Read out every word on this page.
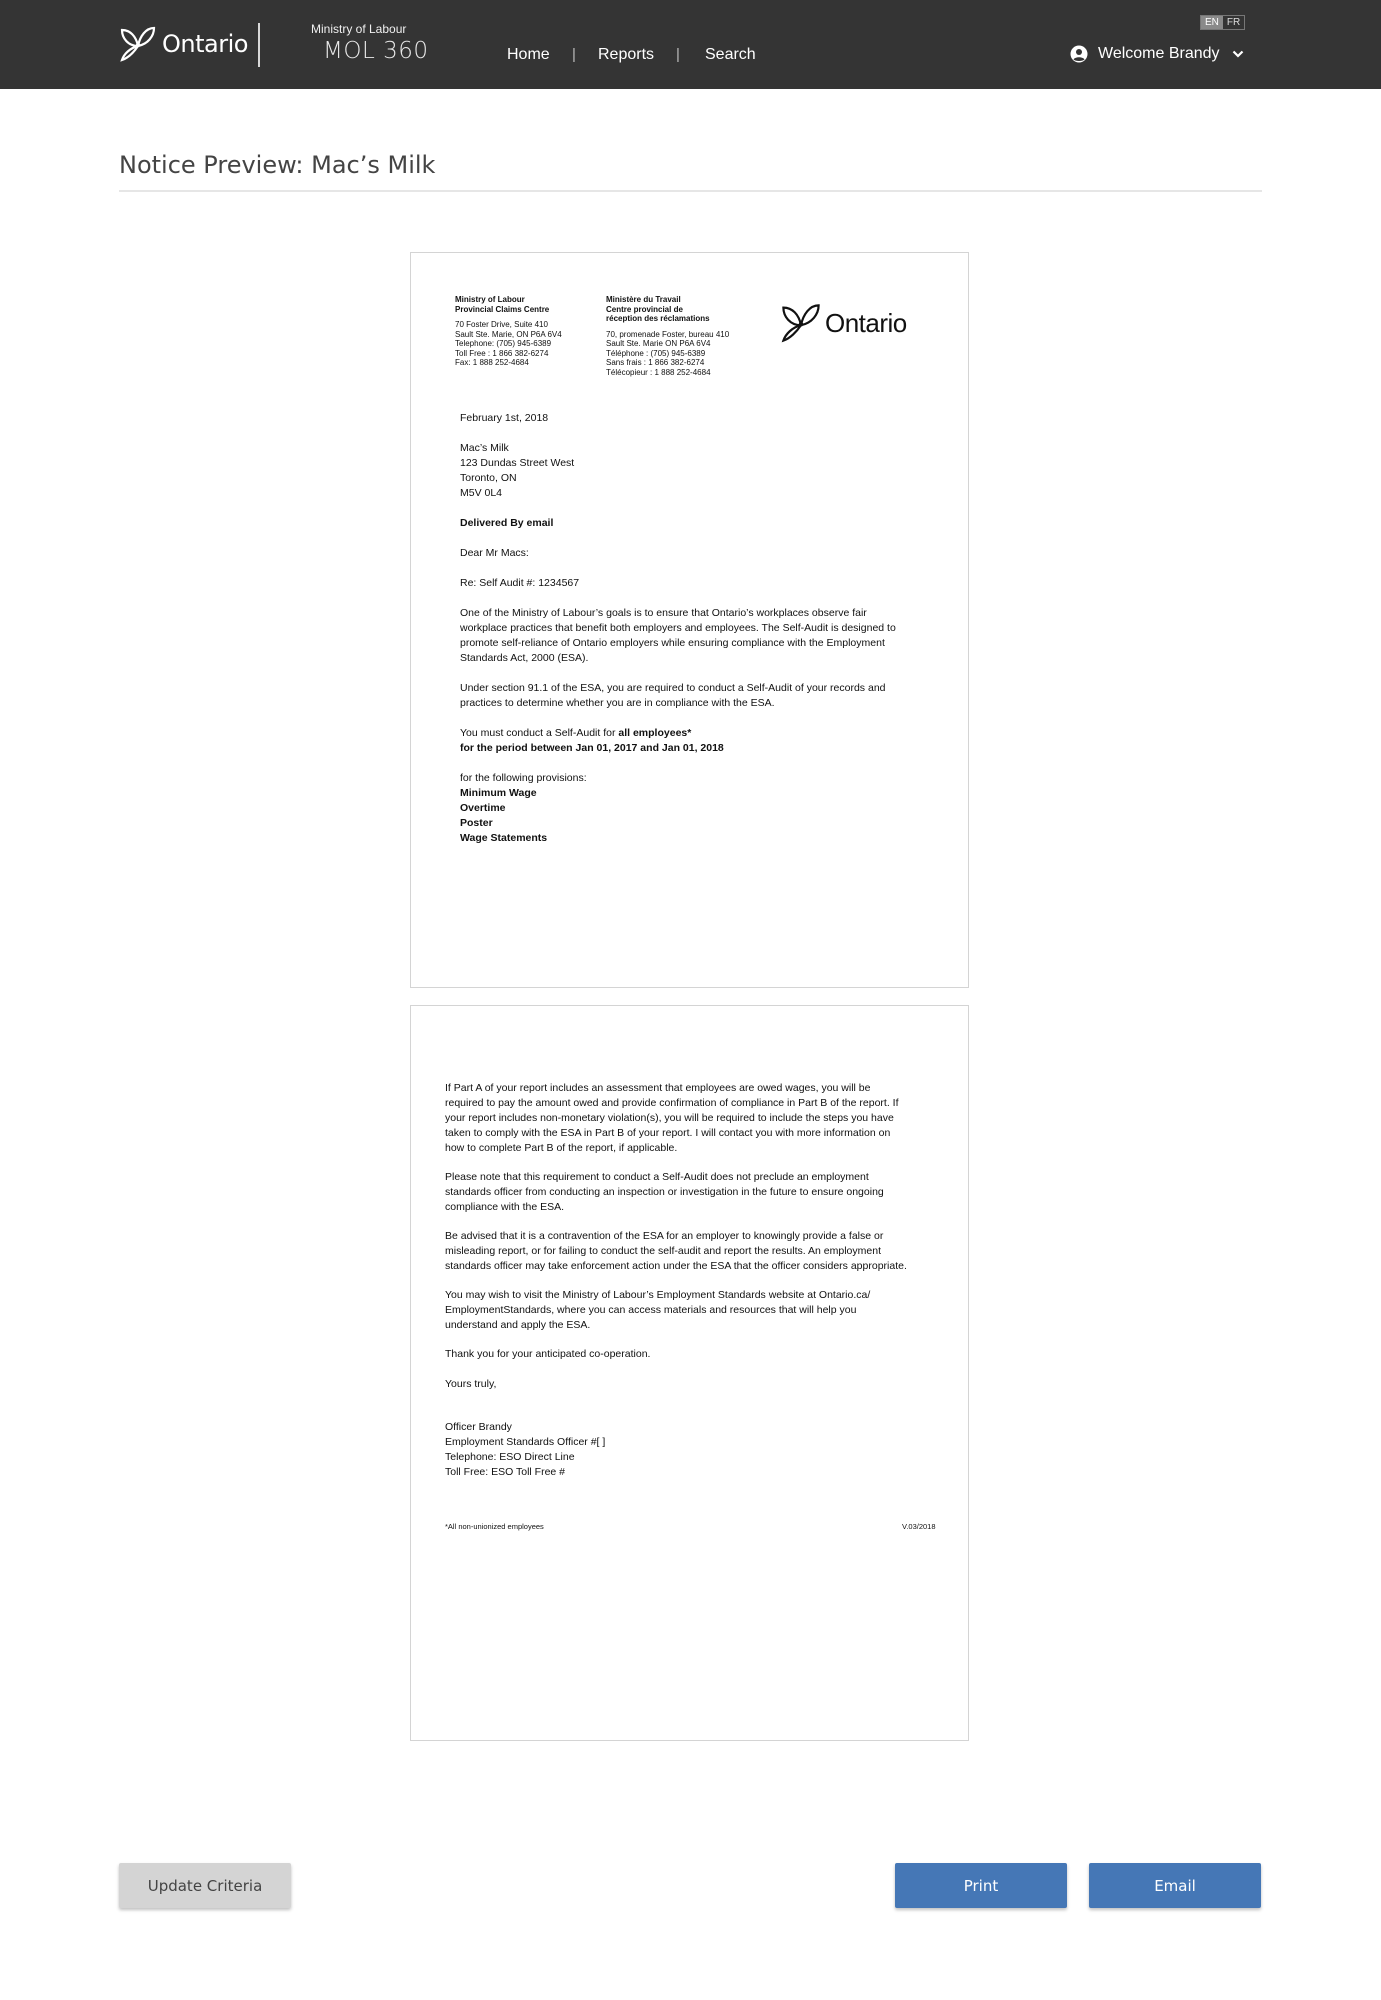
Ontario
Ministry of Labour
MOL 360	Home | Reports | Search
EN FR
Welcome Brandy
Notice Preview: Mac’s Milk
Ministry of Labour
Provincial Claims Centre
70 Foster Drive, Suite 410
Sault Ste. Marie, ON P6A 6V4
Telephone: (705) 945-6389
Toll Free : 1 866 382-6274
Fax: 1 888 252-4684
Ministère du Travail
Centre provincial de
réception des réclamations
70, promenade Foster, bureau 410
Sault Ste. Marie ON P6A 6V4
Téléphone : (705) 945-6389
Sans frais : 1 866 382-6274
Télécopieur : 1 888 252-4684
Ontario
February 1st, 2018
Mac’s Milk
123 Dundas Street West
Toronto, ON
M5V 0L4
Delivered By email
Dear Mr Macs:
Re: Self Audit #: 1234567
One of the Ministry of Labour’s goals is to ensure that Ontario’s workplaces observe fair
workplace practices that benefit both employers and employees. The Self-Audit is designed to
promote self-reliance of Ontario employers while ensuring compliance with the Employment
Standards Act, 2000 (ESA).
Under section 91.1 of the ESA, you are required to conduct a Self-Audit of your records and
practices to determine whether you are in compliance with the ESA.
You must conduct a Self-Audit for all employees*
for the period between Jan 01, 2017 and Jan 01, 2018
for the following provisions:
Minimum Wage
Overtime
Poster
Wage Statements
If Part A of your report includes an assessment that employees are owed wages, you will be
required to pay the amount owed and provide confirmation of compliance in Part B of the report. If
your report includes non-monetary violation(s), you will be required to include the steps you have
taken to comply with the ESA in Part B of your report. I will contact you with more information on
how to complete Part B of the report, if applicable.
Please note that this requirement to conduct a Self-Audit does not preclude an employment
standards officer from conducting an inspection or investigation in the future to ensure ongoing
compliance with the ESA.
Be advised that it is a contravention of the ESA for an employer to knowingly provide a false or
misleading report, or for failing to conduct the self-audit and report the results. An employment
standards officer may take enforcement action under the ESA that the officer considers appropriate.
You may wish to visit the Ministry of Labour’s Employment Standards website at Ontario.ca/
EmploymentStandards, where you can access materials and resources that will help you
understand and apply the ESA.
Thank you for your anticipated co-operation.
Yours truly,
Officer Brandy
Employment Standards Officer #[ ]
Telephone: ESO Direct Line
Toll Free: ESO Toll Free #
*All non-unionized employees	V.03/2018
Update Criteria	Print	Email
